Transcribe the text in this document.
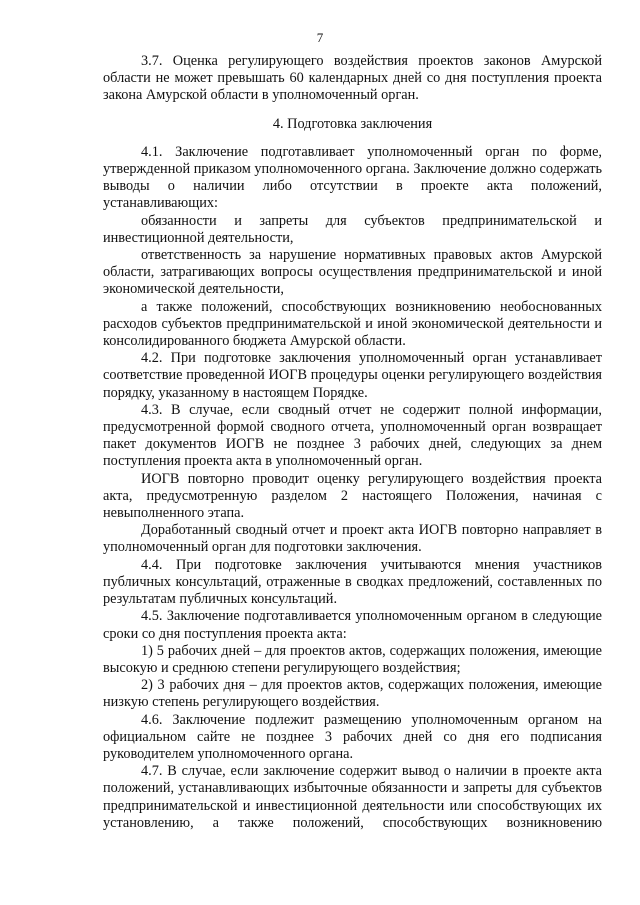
7

3.7. Оценка регулирующего воздействия проектов законов Амурской области не может превышать 60 календарных дней со дня поступления проекта закона Амурской области в уполномоченный орган.

4. Подготовка заключения

4.1. Заключение подготавливает уполномоченный орган по форме, утвержденной приказом уполномоченного органа. Заключение должно содержать выводы о наличии либо отсутствии в проекте акта положений, устанавливающих:

обязанности и запреты для субъектов предпринимательской и инвестиционной деятельности,

ответственность за нарушение нормативных правовых актов Амурской области, затрагивающих вопросы осуществления предпринимательской и иной экономической деятельности,

а также положений, способствующих возникновению необоснованных расходов субъектов предпринимательской и иной экономической деятельности и консолидированного бюджета Амурской области.

4.2. При подготовке заключения уполномоченный орган устанавливает соответствие проведенной ИОГВ процедуры оценки регулирующего воздействия порядку, указанному в настоящем Порядке.

4.3. В случае, если сводный отчет не содержит полной информации, предусмотренной формой сводного отчета, уполномоченный орган возвращает пакет документов ИОГВ не позднее 3 рабочих дней, следующих за днем поступления проекта акта в уполномоченный орган.

ИОГВ повторно проводит оценку регулирующего воздействия проекта акта, предусмотренную разделом 2 настоящего Положения, начиная с невыполненного этапа.

Доработанный сводный отчет и проект акта ИОГВ повторно направляет в уполномоченный орган для подготовки заключения.

4.4. При подготовке заключения учитываются мнения участников публичных консультаций, отраженные в сводках предложений, составленных по результатам публичных консультаций.

4.5. Заключение подготавливается уполномоченным органом в следующие сроки со дня поступления проекта акта:

1) 5 рабочих дней – для проектов актов, содержащих положения, имеющие высокую и среднюю степени регулирующего воздействия;

2) 3 рабочих дня – для проектов актов, содержащих положения, имеющие низкую степень регулирующего воздействия.

4.6. Заключение подлежит размещению уполномоченным органом на официальном сайте не позднее 3 рабочих дней со дня его подписания руководителем уполномоченного органа.

4.7. В случае, если заключение содержит вывод о наличии в проекте акта положений, устанавливающих избыточные обязанности и запреты для субъектов предпринимательской и инвестиционной деятельности или способствующих их установлению, а также положений, способствующих возникновению
